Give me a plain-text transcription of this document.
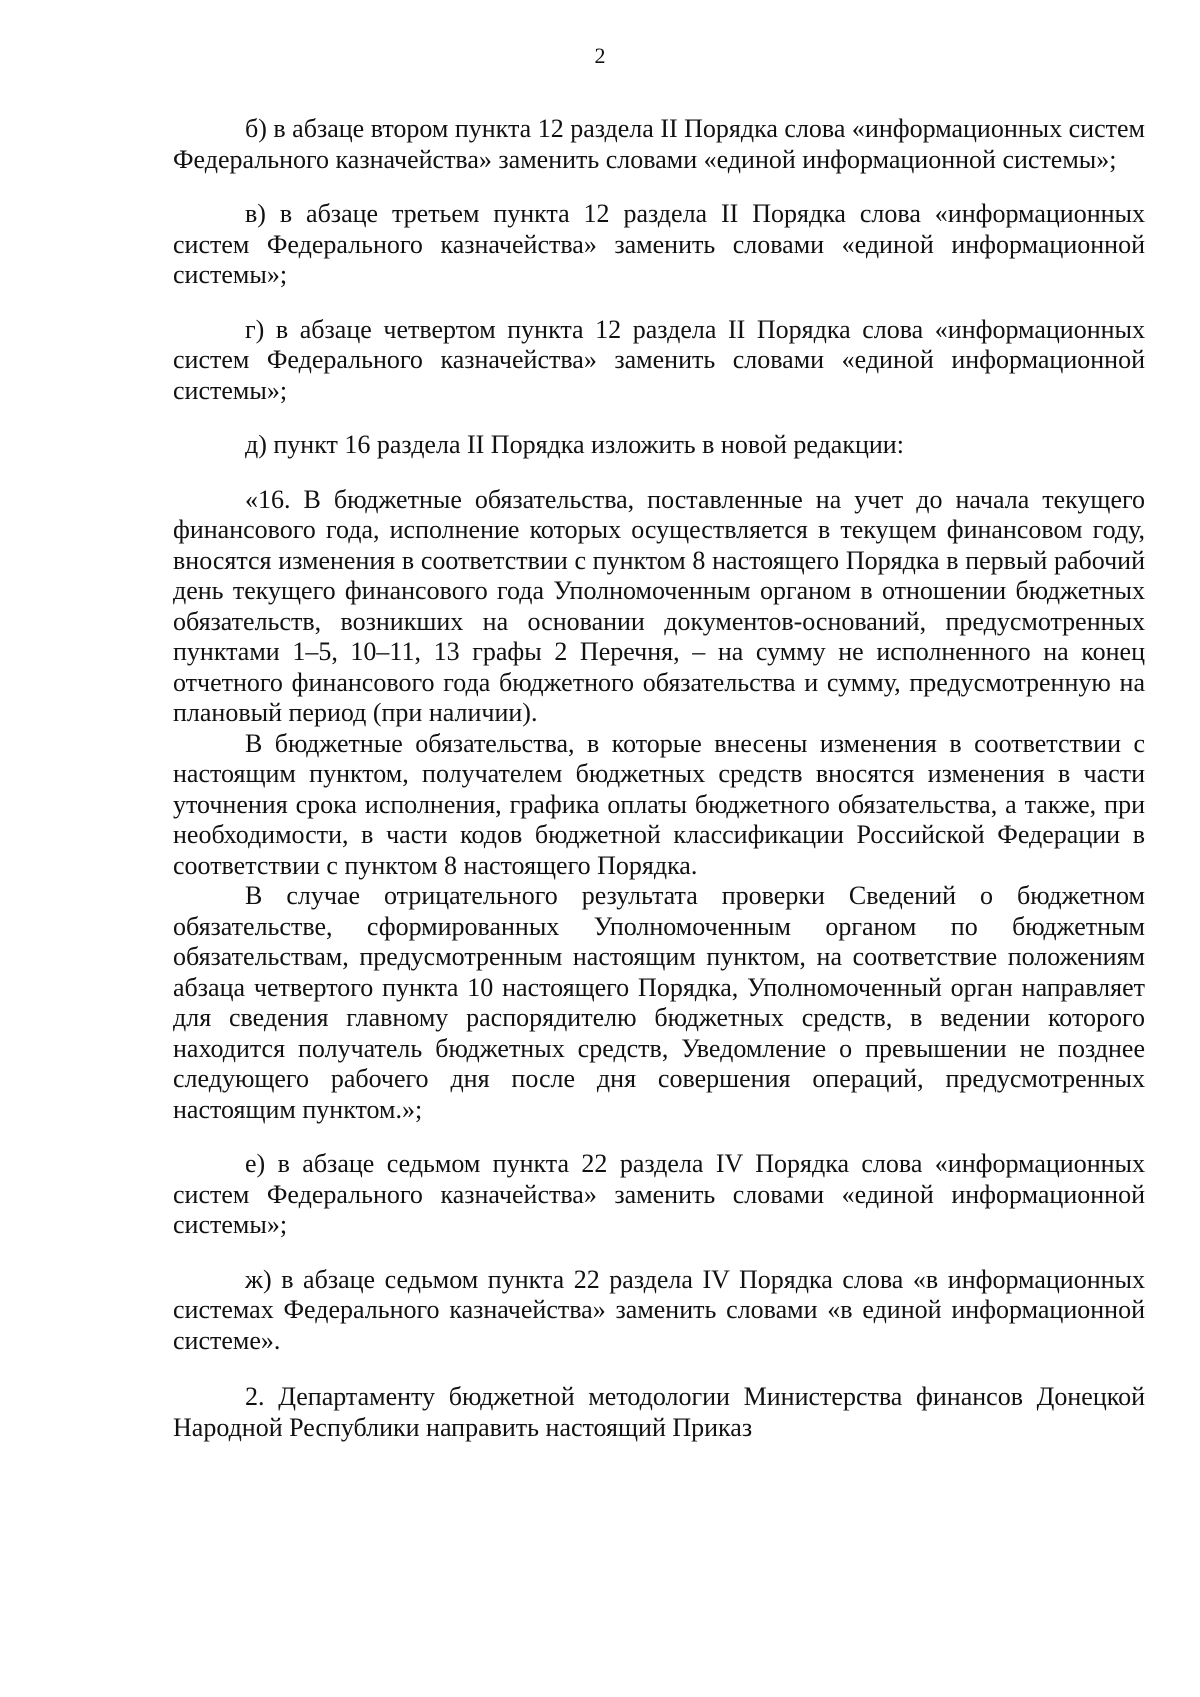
2

б) в абзаце втором пункта 12 раздела II Порядка слова «информационных систем Федерального казначейства» заменить словами «единой информационной системы»;

в) в абзаце третьем пункта 12 раздела II Порядка слова «информационных систем Федерального казначейства» заменить словами «единой информационной системы»;

г) в абзаце четвертом пункта 12 раздела II Порядка слова «информационных систем Федерального казначейства» заменить словами «единой информационной системы»;

д) пункт 16 раздела II Порядка изложить в новой редакции:

«16. В бюджетные обязательства, поставленные на учет до начала текущего финансового года, исполнение которых осуществляется в текущем финансовом году, вносятся изменения в соответствии с пунктом 8 настоящего Порядка в первый рабочий день текущего финансового года Уполномоченным органом в отношении бюджетных обязательств, возникших на основании документов-оснований, предусмотренных пунктами 1–5, 10–11, 13 графы 2 Перечня, – на сумму не исполненного на конец отчетного финансового года бюджетного обязательства и сумму, предусмотренную на плановый период (при наличии).

В бюджетные обязательства, в которые внесены изменения в соответствии с настоящим пунктом, получателем бюджетных средств вносятся изменения в части уточнения срока исполнения, графика оплаты бюджетного обязательства, а также, при необходимости, в части кодов бюджетной классификации Российской Федерации в соответствии с пунктом 8 настоящего Порядка.

В случае отрицательного результата проверки Сведений о бюджетном обязательстве, сформированных Уполномоченным органом по бюджетным обязательствам, предусмотренным настоящим пунктом, на соответствие положениям абзаца четвертого пункта 10 настоящего Порядка, Уполномоченный орган направляет для сведения главному распорядителю бюджетных средств, в ведении которого находится получатель бюджетных средств, Уведомление о превышении не позднее следующего рабочего дня после дня совершения операций, предусмотренных настоящим пунктом.»;

е) в абзаце седьмом пункта 22 раздела IV Порядка слова «информационных систем Федерального казначейства» заменить словами «единой информационной системы»;

ж) в абзаце седьмом пункта 22 раздела IV Порядка слова «в информационных системах Федерального казначейства» заменить словами «в единой информационной системе».

2. Департаменту бюджетной методологии Министерства финансов Донецкой Народной Республики направить настоящий Приказ
